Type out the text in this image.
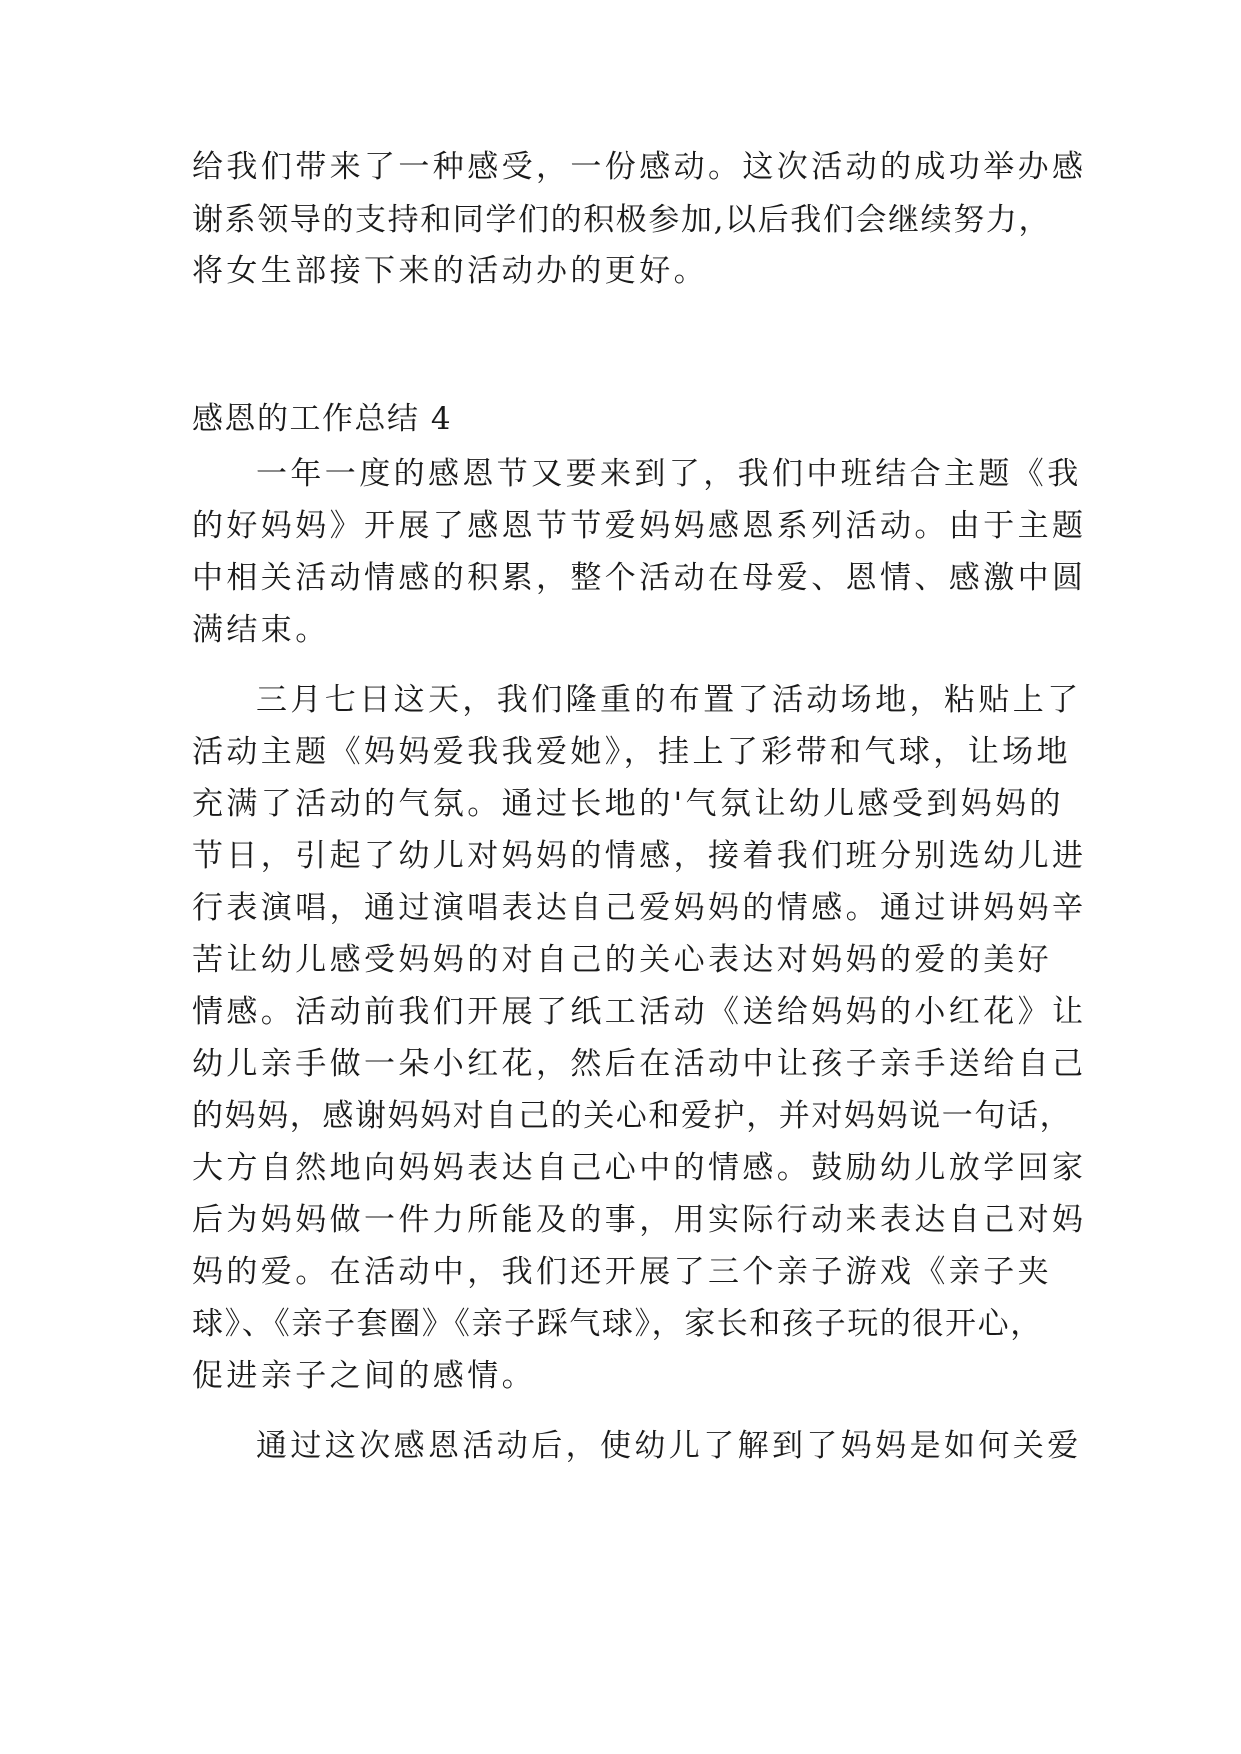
给我们带来了一种感受，一份感动。这次活动的成功举办感
谢系领导的支持和同学们的积极参加,以后我们会继续努力，
将女生部接下来的活动办的更好。
感恩的工作总结 4
一年一度的感恩节又要来到了，我们中班结合主题《我
的好妈妈》开展了感恩节节爱妈妈感恩系列活动。由于主题
中相关活动情感的积累，整个活动在母爱、恩情、感激中圆
满结束。
三月七日这天，我们隆重的布置了活动场地，粘贴上了
活动主题《妈妈爱我我爱她》，挂上了彩带和气球，让场地
充满了活动的气氛。通过长地的'气氛让幼儿感受到妈妈的
节日，引起了幼儿对妈妈的情感，接着我们班分别选幼儿进
行表演唱，通过演唱表达自己爱妈妈的情感。通过讲妈妈辛
苦让幼儿感受妈妈的对自己的关心表达对妈妈的爱的美好
情感。活动前我们开展了纸工活动《送给妈妈的小红花》让
幼儿亲手做一朵小红花，然后在活动中让孩子亲手送给自己
的妈妈，感谢妈妈对自己的关心和爱护，并对妈妈说一句话，
大方自然地向妈妈表达自己心中的情感。鼓励幼儿放学回家
后为妈妈做一件力所能及的事，用实际行动来表达自己对妈
妈的爱。在活动中，我们还开展了三个亲子游戏《亲子夹
球》、《亲子套圈》《亲子踩气球》，家长和孩子玩的很开心，
促进亲子之间的感情。
通过这次感恩活动后，使幼儿了解到了妈妈是如何关爱
